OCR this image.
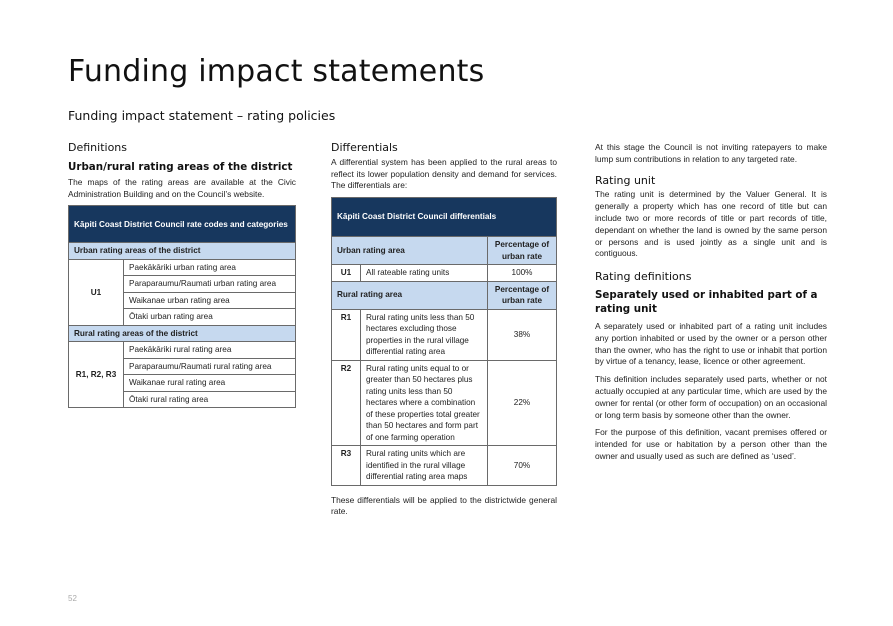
Funding impact statements
Funding impact statement – rating policies
Definitions
Urban/rural rating areas of the district

The maps of the rating areas are available at the Civic Administration Building and on the Council’s website.

Kāpiti Coast District Council rate codes and categories	
Urban rating areas of the district	
U1	Paekākāriki urban rating area
	Paraparaumu/Raumati urban rating area
	Waikanae urban rating area
	Ōtaki urban rating area
Rural rating areas of the district	
R1, R2, R3	Paekākāriki rural rating area
	Paraparaumu/Raumati rural rating area
	Waikanae rural rating area
	Ōtaki rural rating area
Differentials

A differential system has been applied to the rural areas to reflect its lower population density and demand for services. The differentials are:

Kāpiti Coast District Council differentials		
Urban rating area		Percentage of urban rate
U1	All rateable rating units	100%
Rural rating area		Percentage of urban rate
R1	Rural rating units less than 50 hectares excluding those properties in the rural village differential rating area	38%
R2	Rural rating units equal to or greater than 50 hectares plus rating units less than 50 hectares where a combination of these properties total greater than 50 hectares and form part of one farming operation	22%
R3	Rural rating units which are identified in the rural village differential rating area maps	70%

These differentials will be applied to the districtwide general rate.

At this stage the Council is not inviting ratepayers to make lump sum contributions in relation to any targeted rate.

Rating unit

The rating unit is determined by the Valuer General. It is generally a property which has one record of title but can include two or more records of title or part records of title, dependant on whether the land is owned by the same person or persons and is used jointly as a single unit and is contiguous.

Rating definitions
Separately used or inhabited part of a rating unit

A separately used or inhabited part of a rating unit includes any portion inhabited or used by the owner or a person other than the owner, who has the right to use or inhabit that portion by virtue of a tenancy, lease, licence or other agreement.

This definition includes separately used parts, whether or not actually occupied at any particular time, which are used by the owner for rental (or other form of occupation) on an occasional or long term basis by someone other than the owner.

For the purpose of this definition, vacant premises offered or intended for use or habitation by a person other than the owner and usually used as such are defined as ‘used’.

52
